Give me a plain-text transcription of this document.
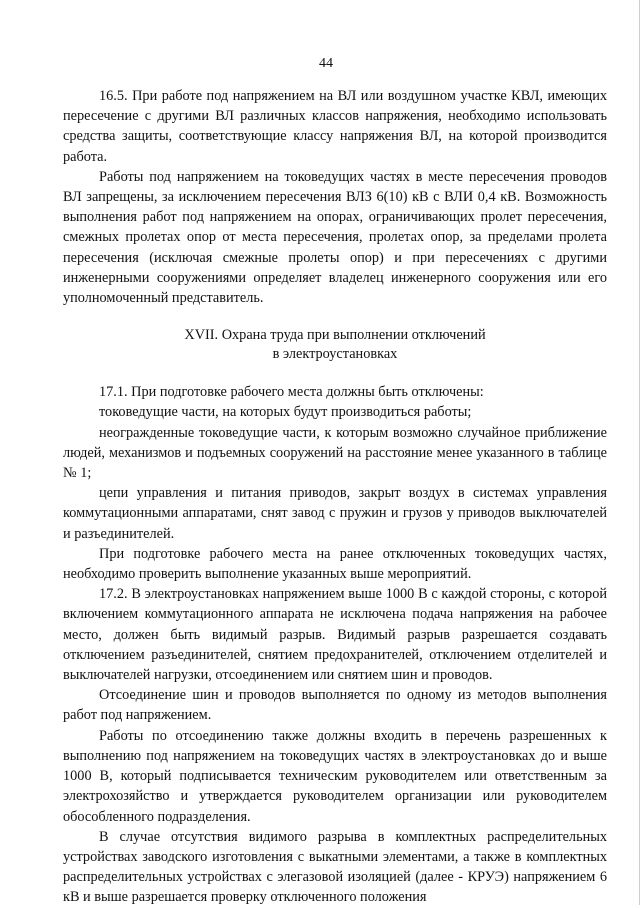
44

16.5. При работе под напряжением на ВЛ или воздушном участке КВЛ, имеющих пересечение с другими ВЛ различных классов напряжения, необходимо использовать средства защиты, соответствующие классу напряжения ВЛ, на которой производится работа.

Работы под напряжением на токоведущих частях в месте пересечения проводов ВЛ запрещены, за исключением пересечения ВЛЗ 6(10) кВ с ВЛИ 0,4 кВ. Возможность выполнения работ под напряжением на опорах, ограничивающих пролет пересечения, смежных пролетах опор от места пересечения, пролетах опор, за пределами пролета пересечения (исключая смежные пролеты опор) и при пересечениях с другими инженерными сооружениями определяет владелец инженерного сооружения или его уполномоченный представитель.

XVII. Охрана труда при выполнении отключений
в электроустановках

17.1. При подготовке рабочего места должны быть отключены:

токоведущие части, на которых будут производиться работы;

неогражденные токоведущие части, к которым возможно случайное приближение людей, механизмов и подъемных сооружений на расстояние менее указанного в таблице № 1;

цепи управления и питания приводов, закрыт воздух в системах управления коммутационными аппаратами, снят завод с пружин и грузов у приводов выключателей и разъединителей.

При подготовке рабочего места на ранее отключенных токоведущих частях, необходимо проверить выполнение указанных выше мероприятий.

17.2. В электроустановках напряжением выше 1000 В с каждой стороны, с которой включением коммутационного аппарата не исключена подача напряжения на рабочее место, должен быть видимый разрыв. Видимый разрыв разрешается создавать отключением разъединителей, снятием предохранителей, отключением отделителей и выключателей нагрузки, отсоединением или снятием шин и проводов.

Отсоединение шин и проводов выполняется по одному из методов выполнения работ под напряжением.

Работы по отсоединению также должны входить в перечень разрешенных к выполнению под напряжением на токоведущих частях в электроустановках до и выше 1000 В, который подписывается техническим руководителем или ответственным за электрохозяйство и утверждается руководителем организации или руководителем обособленного подразделения.

В случае отсутствия видимого разрыва в комплектных распределительных устройствах заводского изготовления с выкатными элементами, а также в комплектных распределительных устройствах с элегазовой изоляцией (далее - КРУЭ) напряжением 6 кВ и выше разрешается проверку отключенного положения
